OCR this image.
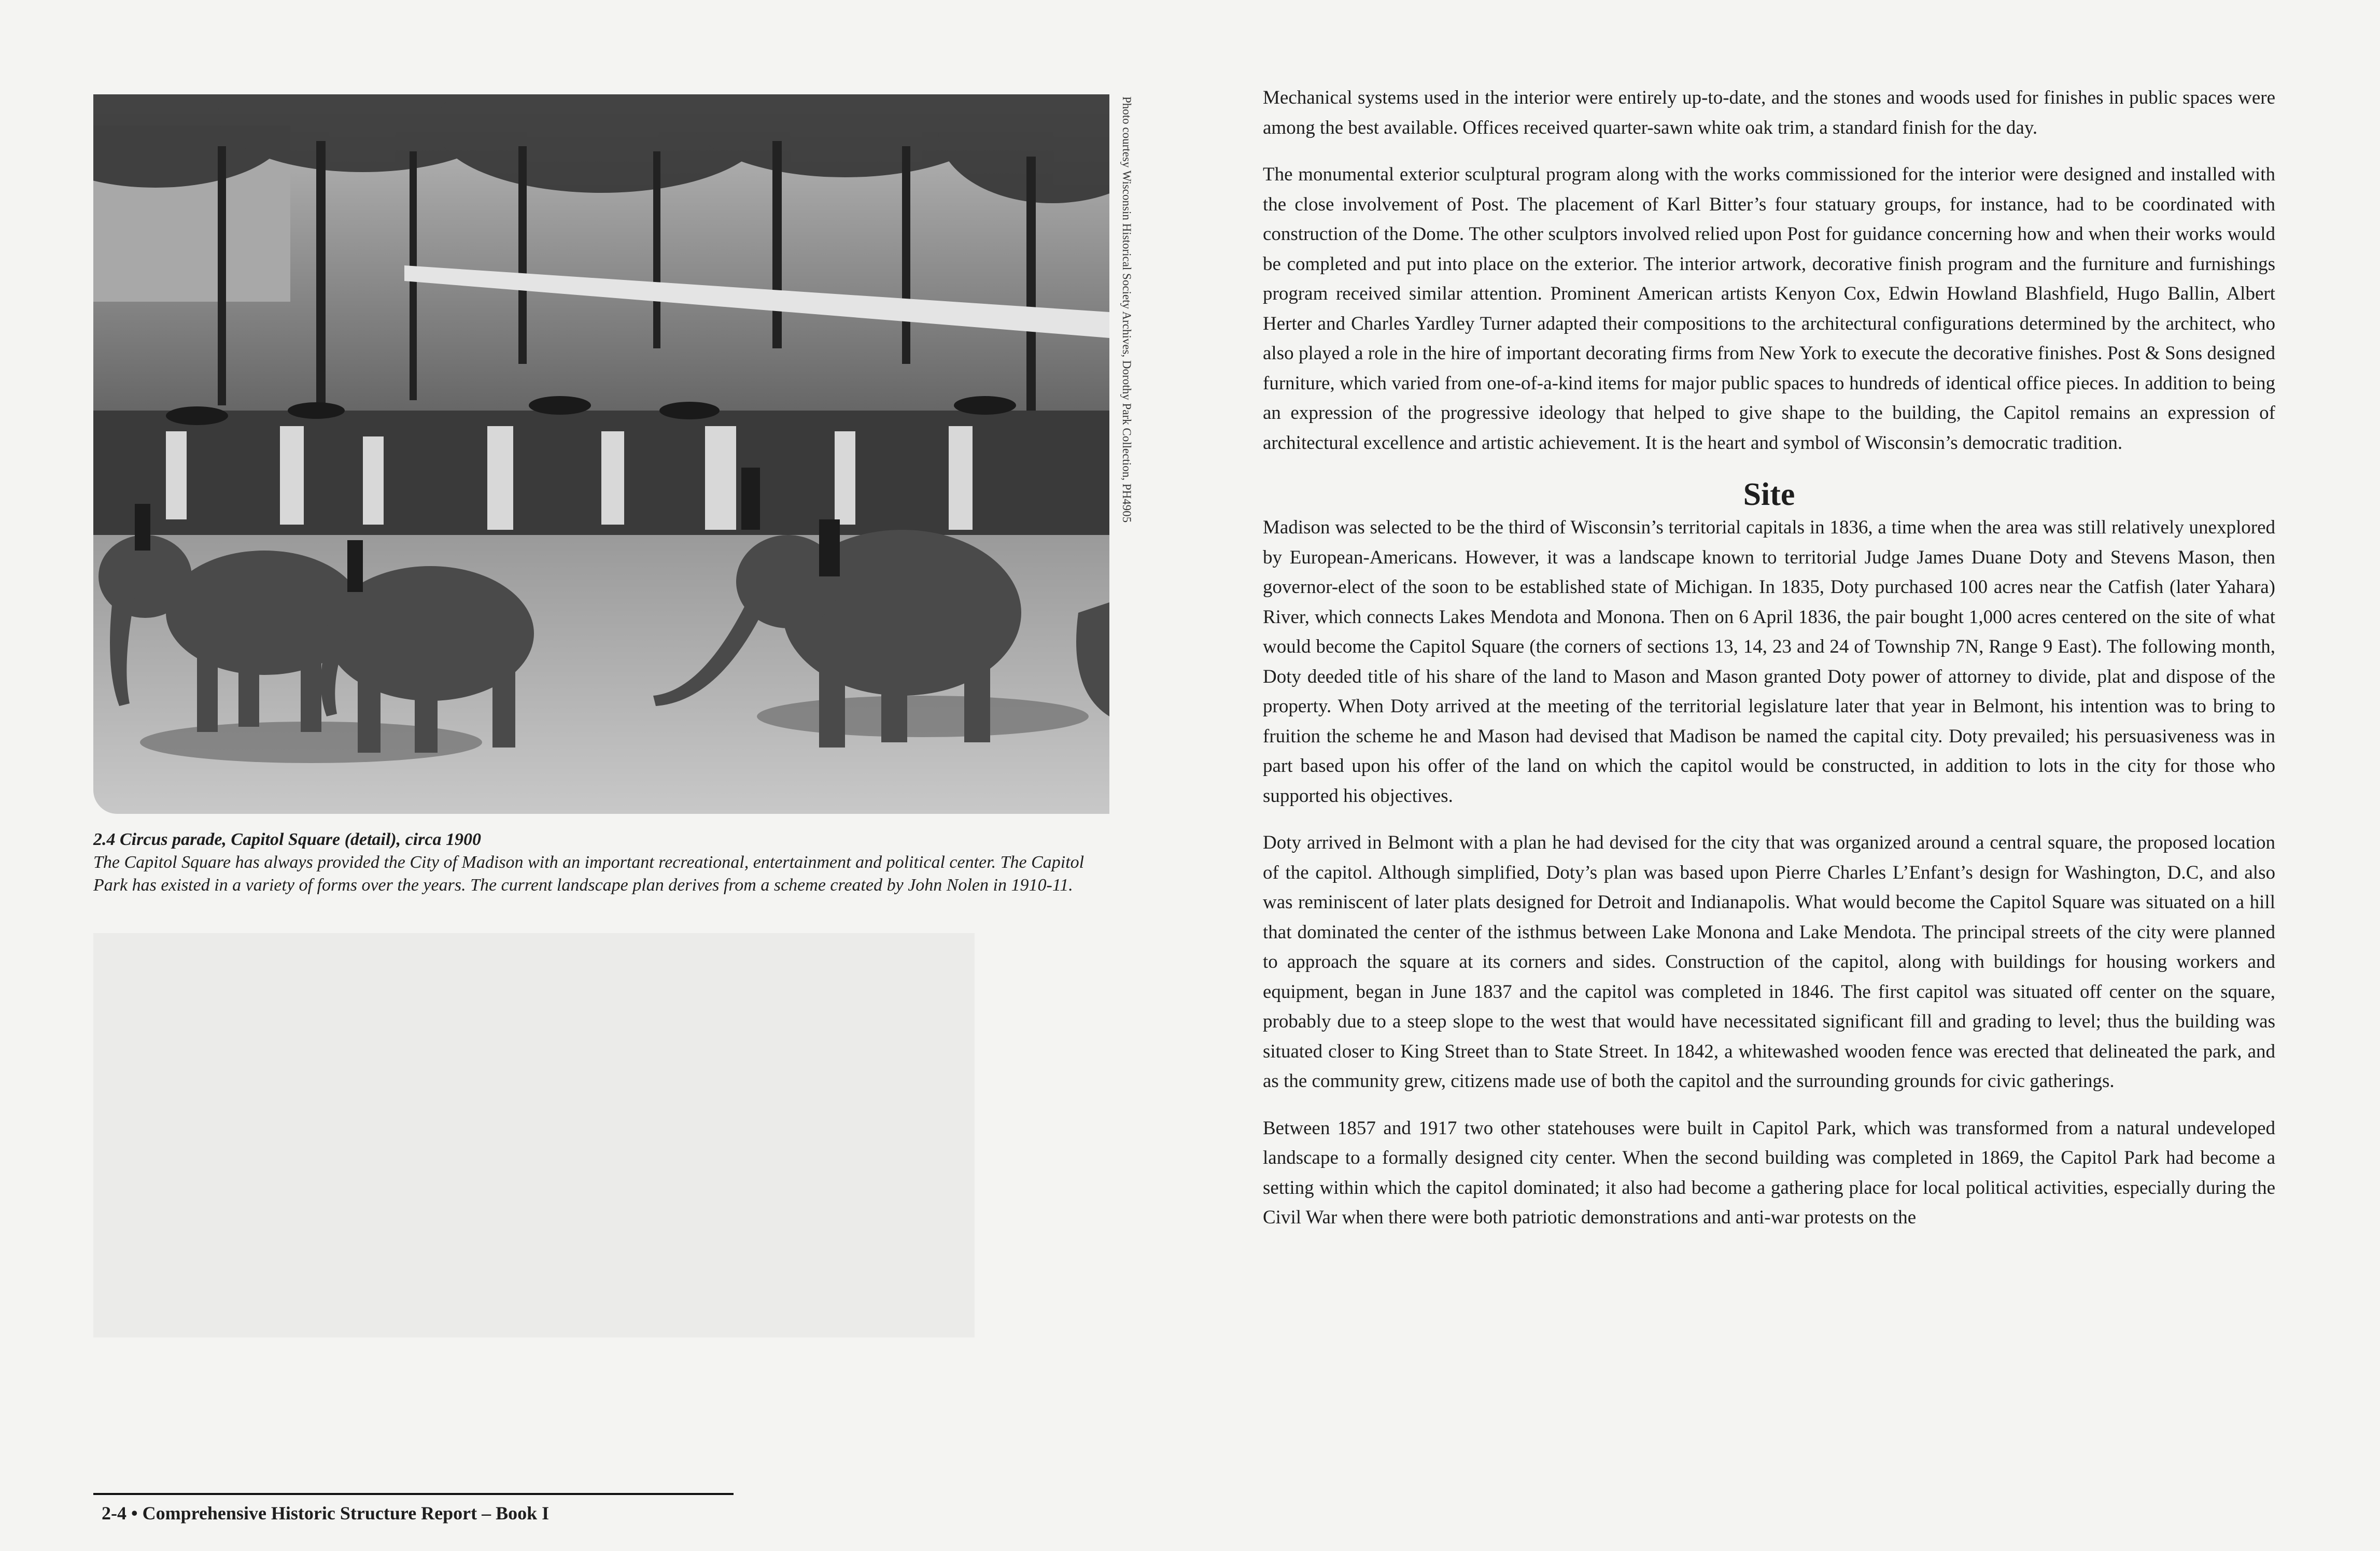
Photo courtesy Wisconsin Historical Society Archives, Dorothy Park Collection, PH4905
2.4 Circus parade, Capitol Square (detail), circa 1900
The Capitol Square has always provided the City of Madison with an important recreational, entertainment and political center. The Capitol Park has existed in a variety of forms over the years. The current landscape plan derives from a scheme created by John Nolen in 1910-11.
2-4 • Comprehensive Historic Structure Report – Book I

Mechanical systems used in the interior were entirely up-to-date, and the stones and woods used for finishes in public spaces were among the best available. Offices received quarter-sawn white oak trim, a standard finish for the day.

The monumental exterior sculptural program along with the works commissioned for the interior were designed and installed with the close involvement of Post. The placement of Karl Bitter’s four statuary groups, for instance, had to be coordinated with construction of the Dome. The other sculptors involved relied upon Post for guidance concerning how and when their works would be completed and put into place on the exterior. The interior artwork, decorative finish program and the furniture and furnishings program received similar attention. Prominent American artists Kenyon Cox, Edwin Howland Blashfield, Hugo Ballin, Albert Herter and Charles Yardley Turner adapted their compositions to the architectural configurations determined by the architect, who also played a role in the hire of important decorating firms from New York to execute the decorative finishes. Post & Sons designed furniture, which varied from one-of-a-kind items for major public spaces to hundreds of identical office pieces. In addition to being an expression of the progressive ideology that helped to give shape to the building, the Capitol remains an expression of architectural excellence and artistic achievement. It is the heart and symbol of Wisconsin’s democratic tradition.

Site

Madison was selected to be the third of Wisconsin’s territorial capitals in 1836, a time when the area was still relatively unexplored by European-Americans. However, it was a landscape known to territorial Judge James Duane Doty and Stevens Mason, then governor-elect of the soon to be established state of Michigan. In 1835, Doty purchased 100 acres near the Catfish (later Yahara) River, which connects Lakes Mendota and Monona. Then on 6 April 1836, the pair bought 1,000 acres centered on the site of what would become the Capitol Square (the corners of sections 13, 14, 23 and 24 of Township 7N, Range 9 East). The following month, Doty deeded title of his share of the land to Mason and Mason granted Doty power of attorney to divide, plat and dispose of the property. When Doty arrived at the meeting of the territorial legislature later that year in Belmont, his intention was to bring to fruition the scheme he and Mason had devised that Madison be named the capital city. Doty prevailed; his persuasiveness was in part based upon his offer of the land on which the capitol would be constructed, in addition to lots in the city for those who supported his objectives.

Doty arrived in Belmont with a plan he had devised for the city that was organized around a central square, the proposed location of the capitol. Although simplified, Doty’s plan was based upon Pierre Charles L’Enfant’s design for Washington, D.C, and also was reminiscent of later plats designed for Detroit and Indianapolis. What would become the Capitol Square was situated on a hill that dominated the center of the isthmus between Lake Monona and Lake Mendota. The principal streets of the city were planned to approach the square at its corners and sides. Construction of the capitol, along with buildings for housing workers and equipment, began in June 1837 and the capitol was completed in 1846. The first capitol was situated off center on the square, probably due to a steep slope to the west that would have necessitated significant fill and grading to level; thus the building was situated closer to King Street than to State Street. In 1842, a whitewashed wooden fence was erected that delineated the park, and as the community grew, citizens made use of both the capitol and the surrounding grounds for civic gatherings.

Between 1857 and 1917 two other statehouses were built in Capitol Park, which was transformed from a natural undeveloped landscape to a formally designed city center. When the second building was completed in 1869, the Capitol Park had become a setting within which the capitol dominated; it also had become a gathering place for local political activities, especially during the Civil War when there were both patriotic demonstrations and anti-war protests on the
